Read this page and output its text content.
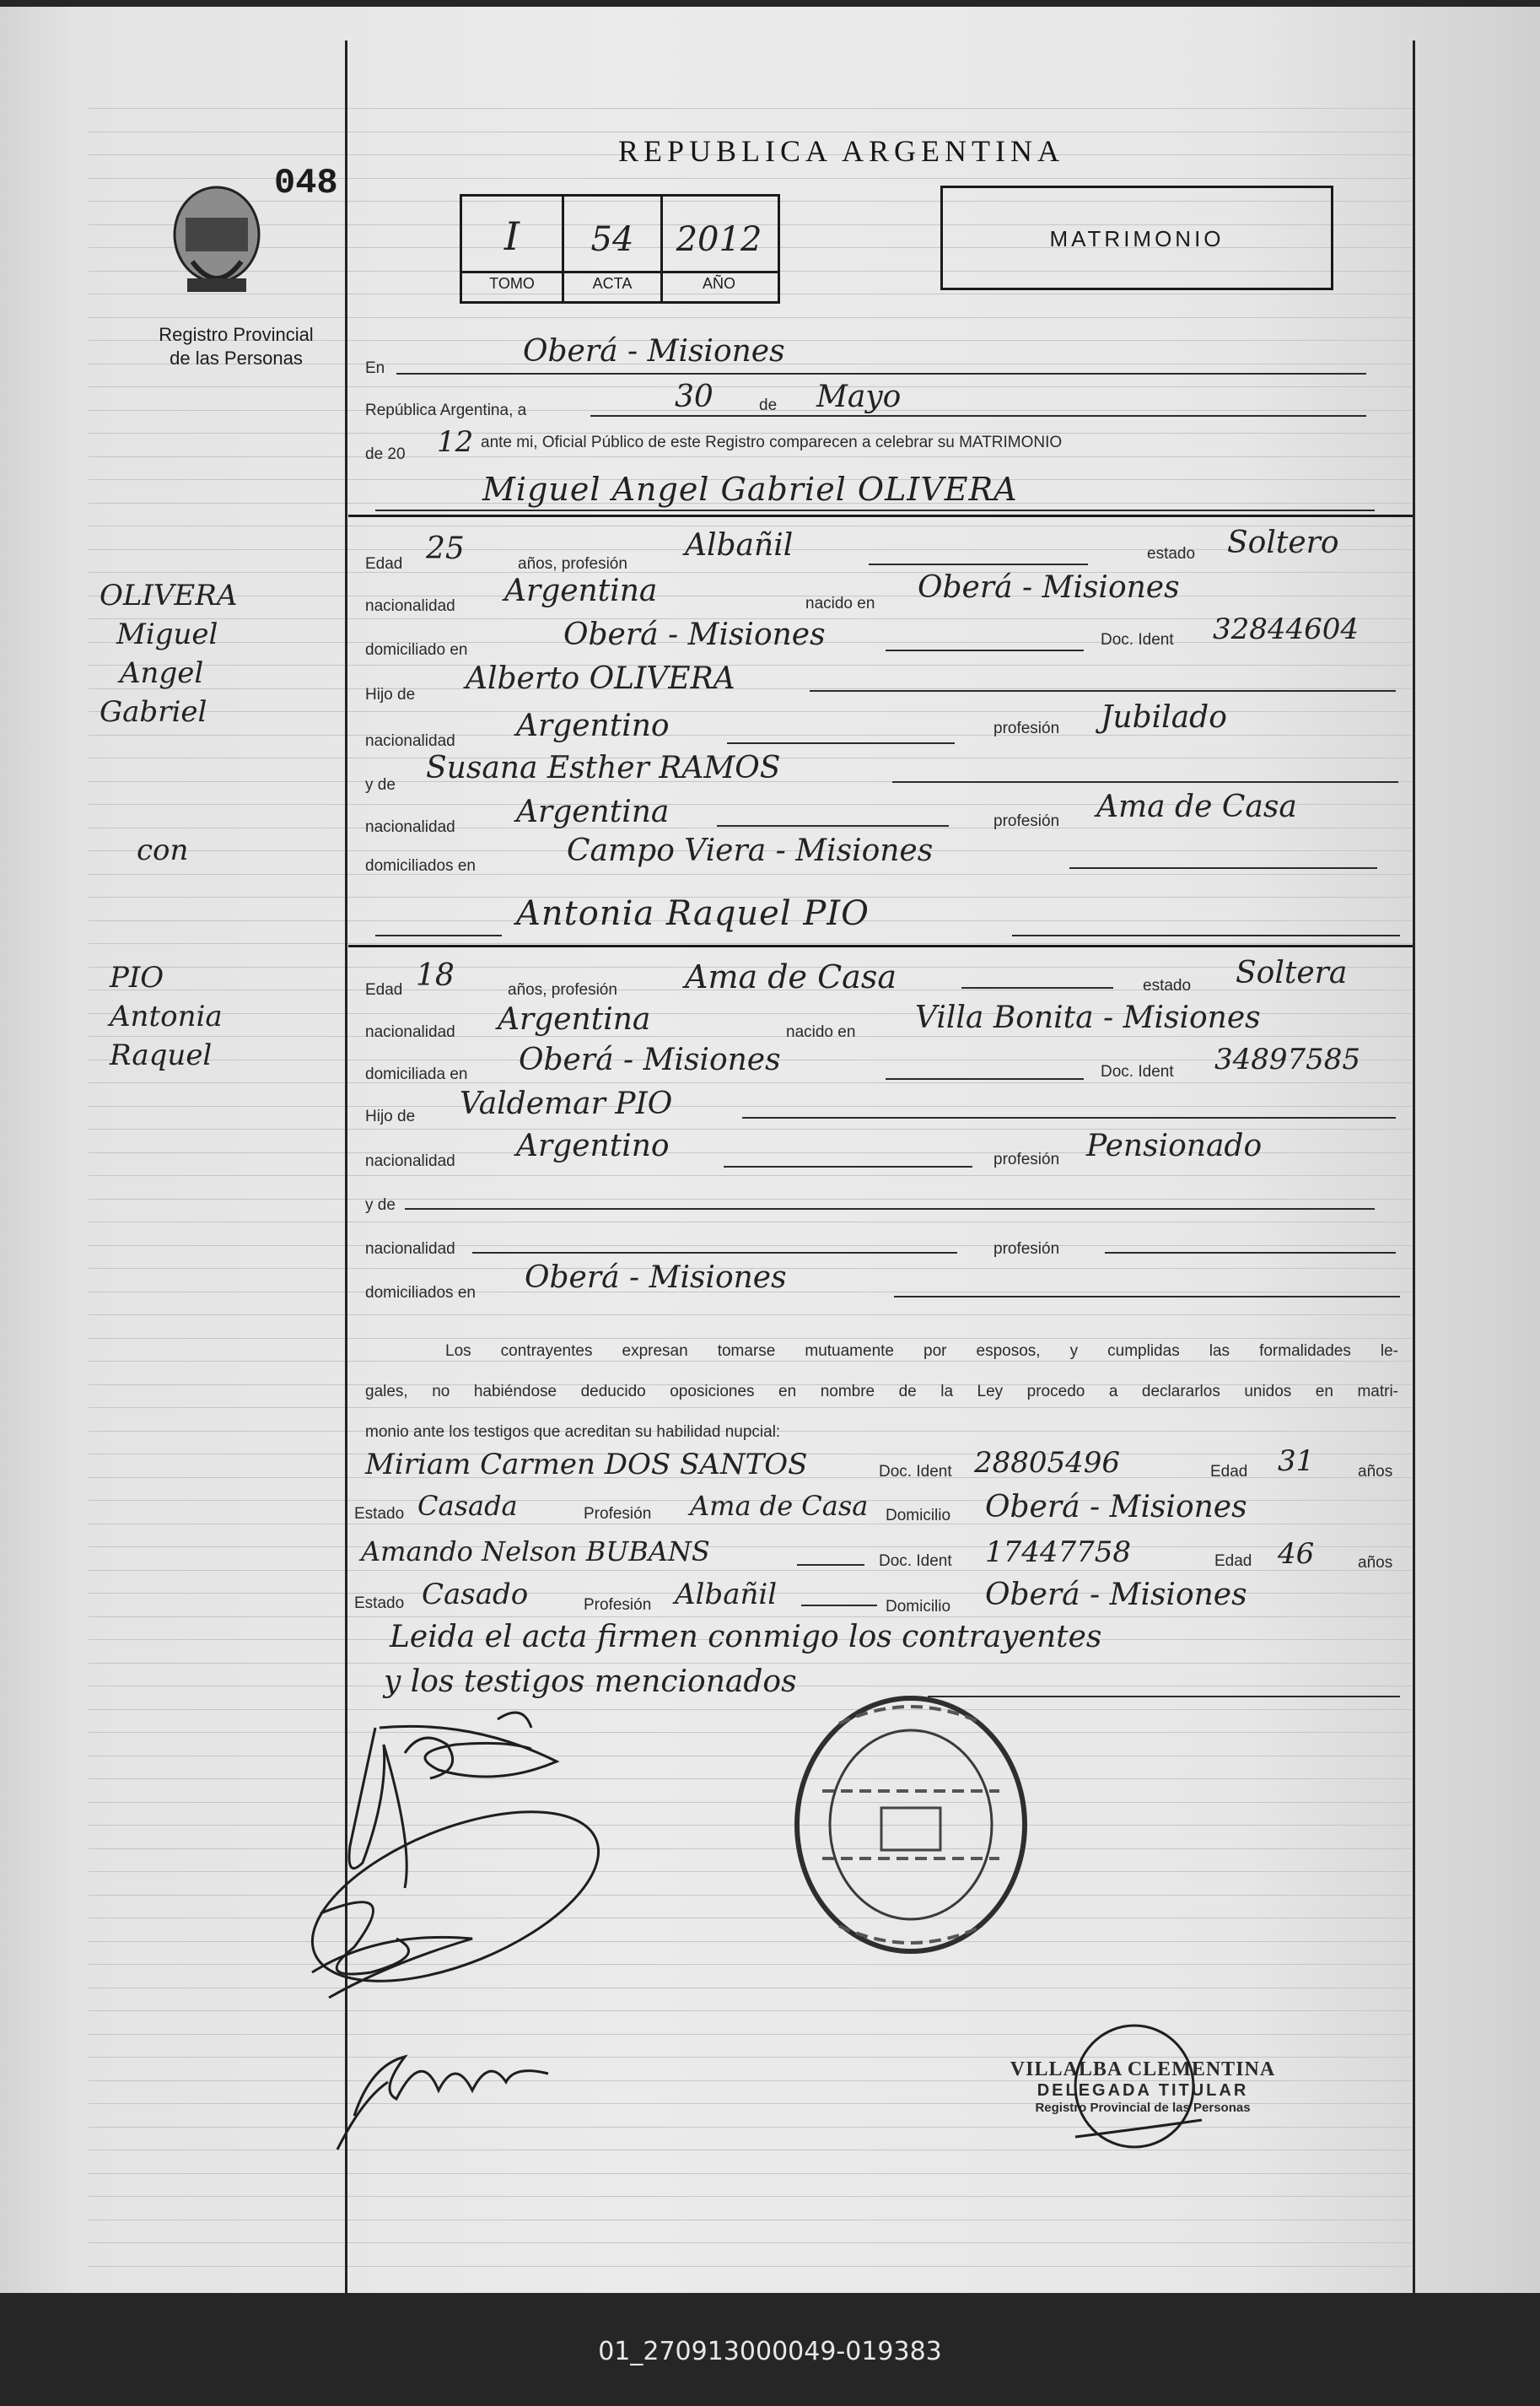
048
Registro Provincial
de las Personas
OLIVERA
Miguel
Angel
Gabriel
con
PIO
Antonia
Raquel
REPUBLICA ARGENTINA
I	54	2012
TOMO	ACTA	AÑO
MATRIMONIO
En	Oberá - Misiones
República Argentina, a	30	de Mayo
de 20 12 ante mi, Oficial Público de este Registro comparecen a celebrar su MATRIMONIO
Miguel Angel Gabriel OLIVERA
Edad 25	años, profesión
Albañil	estado Soltero
nacionalidad Argentina	nacido en Oberá - Misiones
domiciliado en	Oberá - Misiones	Doc. Ident 32844604
Hijo de Alberto OLIVERA
nacionalidad Argentino	profesión Jubilado
y de Susana Esther RAMOS
nacionalidad Argentina	profesión Ama de Casa
domiciliados en	Campo Viera - Misiones
Antonia Raquel PIO
Edad 18	años, profesión Ama de Casa	estado Soltera
nacionalidad Argentina	nacido en Villa Bonita - Misiones
domiciliada en Oberá - Misiones	Doc. Ident 34897585
Hijo de Valdemar PIO
nacionalidad Argentino	profesión Pensionado
y de
nacionalidad	profesión
domiciliados en Oberá - Misiones
Los contrayentes expresan tomarse mutuamente por esposos, y cumplidas las formalidades le-
gales, no habiéndose deducido oposiciones en nombre de la Ley procedo a declararlos unidos en matri-
monio ante los testigos que acreditan su habilidad nupcial:
Miriam Carmen DOS SANTOS	Doc. Ident 28805496	Edad 31	años
Estado Casada	Profesión Ama de Casa Domicilio Oberá - Misiones
Amando Nelson BUBANS	Doc. Ident 17447758	Edad 46	años
Estado Casado	Profesión Albañil	Domicilio Oberá - Misiones
Leida el acta firmen conmigo los contrayentes
y los testigos mencionados
VILLALBA CLEMENTINA
DELEGADA TITULAR
Registro Provincial de las Personas
01_270913000049-019383
